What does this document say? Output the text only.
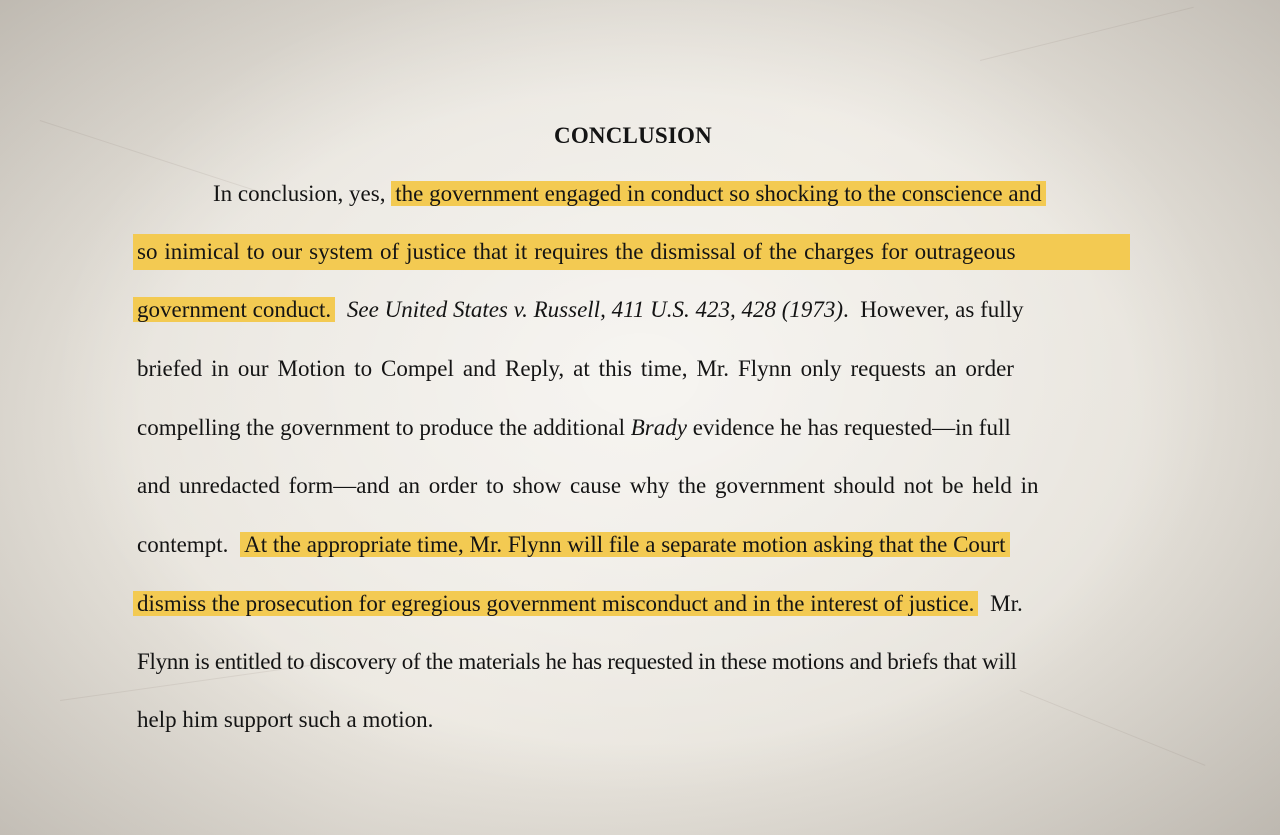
CONCLUSION
In conclusion, yes, the government engaged in conduct so shocking to the conscience and
so inimical to our system of justice that it requires the dismissal of the charges for outrageous
government conduct. See United States v. Russell, 411 U.S. 423, 428 (1973).  However, as fully
briefed in our Motion to Compel and Reply, at this time, Mr. Flynn only requests an order
compelling the government to produce the additional Brady evidence he has requested—in full
and unredacted form—and an order to show cause why the government should not be held in
contempt. At the appropriate time, Mr. Flynn will file a separate motion asking that the Court
dismiss the prosecution for egregious government misconduct and in the interest of justice. Mr.
Flynn is entitled to discovery of the materials he has requested in these motions and briefs that will
help him support such a motion.
